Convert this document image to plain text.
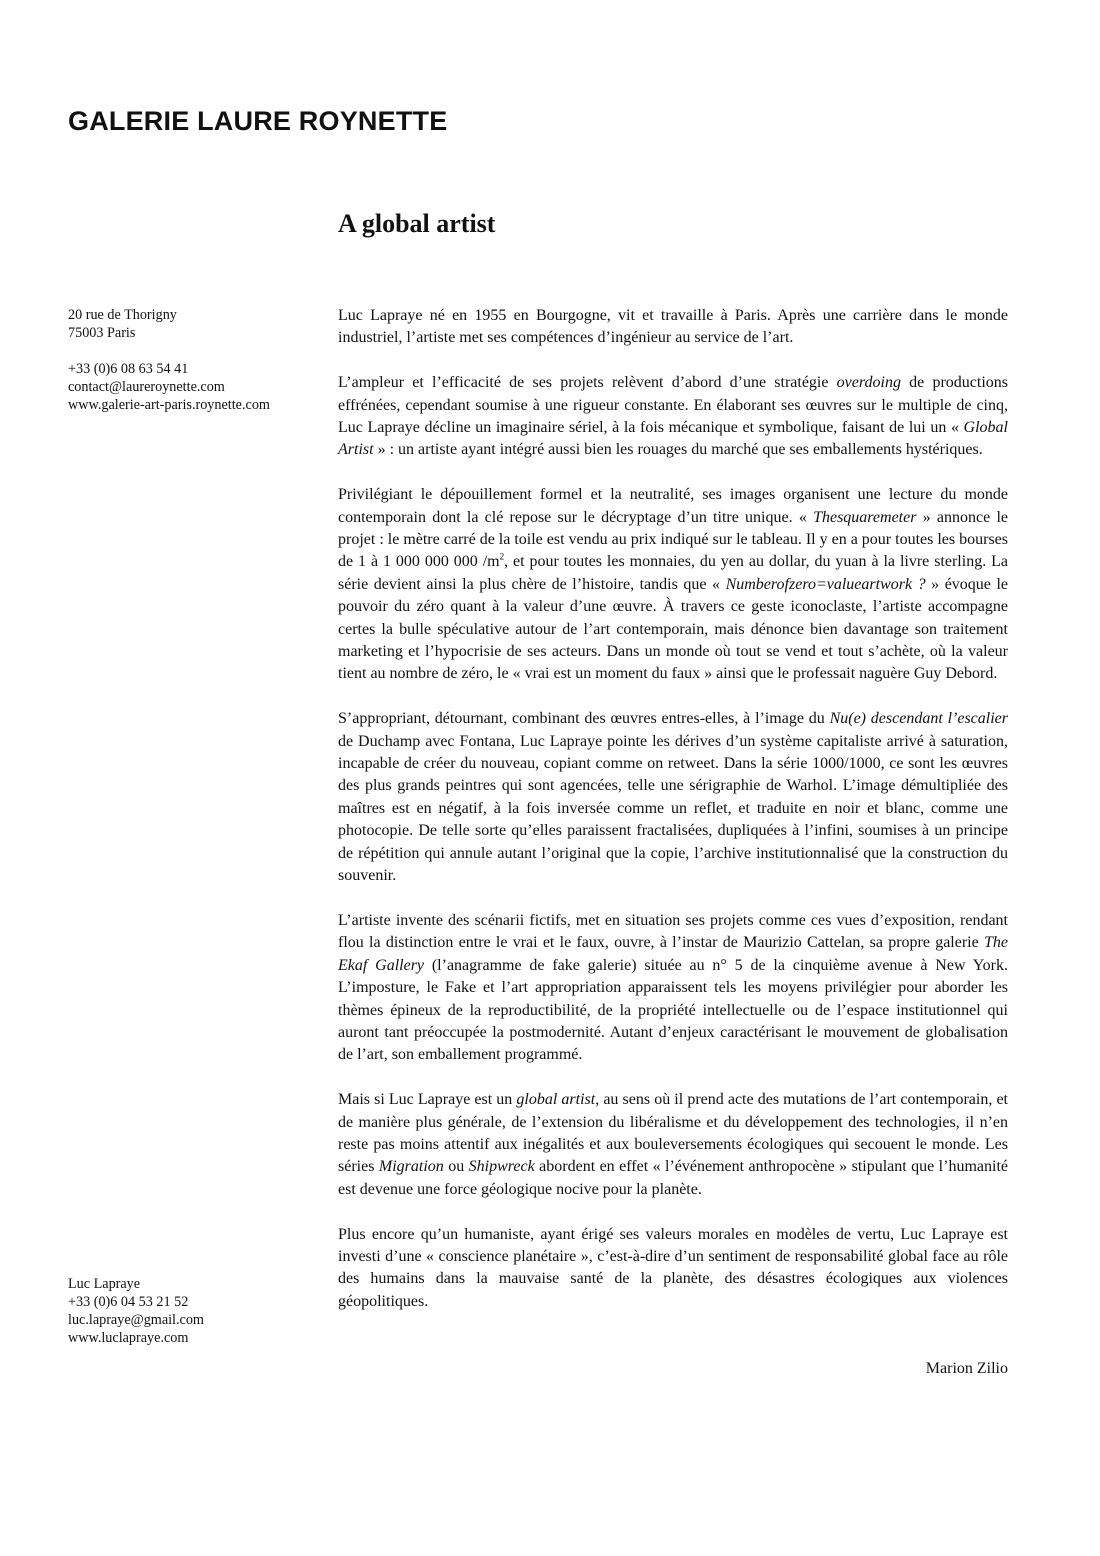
GALERIE LAURE ROYNETTE
A global artist
20 rue de Thorigny
75003 Paris
+33 (0)6 08 63 54 41
contact@laureroynette.com
www.galerie-art-paris.roynette.com

Luc Lapraye né en 1955 en Bourgogne, vit et travaille à Paris. Après une carrière dans le monde industriel, l’artiste met ses compétences d’ingénieur au service de l’art.

L’ampleur et l’efficacité de ses projets relèvent d’abord d’une stratégie overdoing de productions effrénées, cependant soumise à une rigueur constante. En élaborant ses œuvres sur le multiple de cinq, Luc Lapraye décline un imaginaire sériel, à la fois mécanique et symbolique, faisant de lui un « Global Artist » : un artiste ayant intégré aussi bien les rouages du marché que ses emballements hystériques.

Privilégiant le dépouillement formel et la neutralité, ses images organisent une lecture du monde contemporain dont la clé repose sur le décryptage d’un titre unique. « Thesquaremeter » annonce le projet : le mètre carré de la toile est vendu au prix indiqué sur le tableau. Il y en a pour toutes les bourses de 1 à 1 000 000 000 $/m^2$, et pour toutes les monnaies, du yen au dollar, du yuan à la livre sterling. La série devient ainsi la plus chère de l’histoire, tandis que « Numberofzero=valueartwork ? » évoque le pouvoir du zéro quant à la valeur d’une œuvre. À travers ce geste iconoclaste, l’artiste accompagne certes la bulle spéculative autour de l’art contemporain, mais dénonce bien davantage son traitement marketing et l’hypocrisie de ses acteurs. Dans un monde où tout se vend et tout s’achète, où la valeur tient au nombre de zéro, le « vrai est un moment du faux » ainsi que le professait naguère Guy Debord.

S’appropriant, détournant, combinant des œuvres entres-elles, à l’image du Nu(e) descendant l’escalier de Duchamp avec Fontana, Luc Lapraye pointe les dérives d’un système capitaliste arrivé à saturation, incapable de créer du nouveau, copiant comme on retweet. Dans la série 1000/1000, ce sont les œuvres des plus grands peintres qui sont agencées, telle une sérigraphie de Warhol. L’image démultipliée des maîtres est en négatif, à la fois inversée comme un reflet, et traduite en noir et blanc, comme une photocopie. De telle sorte qu’elles paraissent fractalisées, dupliquées à l’infini, soumises à un principe de répétition qui annule autant l’original que la copie, l’archive institutionnalisé que la construction du souvenir.

L’artiste invente des scénarii fictifs, met en situation ses projets comme ces vues d’exposition, rendant flou la distinction entre le vrai et le faux, ouvre, à l’instar de Maurizio Cattelan, sa propre galerie The Ekaf Gallery (l’anagramme de fake galerie) située au n° 5 de la cinquième avenue à New York. L’imposture, le Fake et l’art appropriation apparaissent tels les moyens privilégier pour aborder les thèmes épineux de la reproductibilité, de la propriété intellectuelle ou de l’espace institutionnel qui auront tant préoccupée la postmodernité. Autant d’enjeux caractérisant le mouvement de globalisation de l’art, son emballement programmé.

Mais si Luc Lapraye est un global artist, au sens où il prend acte des mutations de l’art contemporain, et de manière plus générale, de l’extension du libéralisme et du développement des technologies, il n’en reste pas moins attentif aux inégalités et aux bouleversements écologiques qui secouent le monde. Les séries Migration ou Shipwreck abordent en effet « l’événement anthropocène » stipulant que l’humanité est devenue une force géologique nocive pour la planète.

Plus encore qu’un humaniste, ayant érigé ses valeurs morales en modèles de vertu, Luc Lapraye est investi d’une « conscience planétaire », c’est-à-dire d’un sentiment de responsabilité global face au rôle des humains dans la mauvaise santé de la planète, des désastres écologiques aux violences géopolitiques.

Luc Lapraye
+33 (0)6 04 53 21 52
luc.lapraye@gmail.com
www.luclapraye.com
Marion Zilio
